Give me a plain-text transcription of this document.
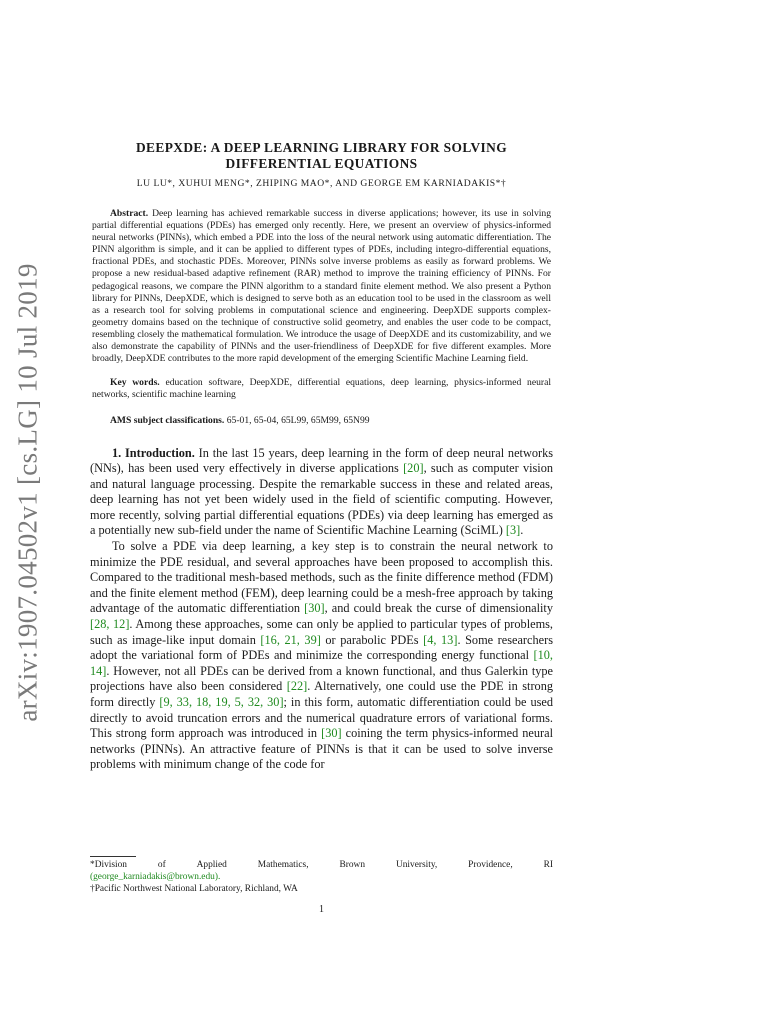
arXiv:1907.04502v1 [cs.LG] 10 Jul 2019
DEEPXDE: A DEEP LEARNING LIBRARY FOR SOLVING
DIFFERENTIAL EQUATIONS
LU LU*, XUHUI MENG*, ZHIPING MAO*, AND GEORGE EM KARNIADAKIS*†

Abstract. Deep learning has achieved remarkable success in diverse applications; however, its use in solving partial differential equations (PDEs) has emerged only recently. Here, we present an overview of physics-informed neural networks (PINNs), which embed a PDE into the loss of the neural network using automatic differentiation. The PINN algorithm is simple, and it can be applied to different types of PDEs, including integro-differential equations, fractional PDEs, and stochastic PDEs. Moreover, PINNs solve inverse problems as easily as forward problems. We propose a new residual-based adaptive refinement (RAR) method to improve the training efficiency of PINNs. For pedagogical reasons, we compare the PINN algorithm to a standard finite element method. We also present a Python library for PINNs, DeepXDE, which is designed to serve both as an education tool to be used in the classroom as well as a research tool for solving problems in computational science and engineering. DeepXDE supports complex-geometry domains based on the technique of constructive solid geometry, and enables the user code to be compact, resembling closely the mathematical formulation. We introduce the usage of DeepXDE and its customizability, and we also demonstrate the capability of PINNs and the user-friendliness of DeepXDE for five different examples. More broadly, DeepXDE contributes to the more rapid development of the emerging Scientific Machine Learning field.

Key words. education software, DeepXDE, differential equations, deep learning, physics-informed neural networks, scientific machine learning

AMS subject classifications. 65-01, 65-04, 65L99, 65M99, 65N99

1. Introduction. In the last 15 years, deep learning in the form of deep neural networks (NNs), has been used very effectively in diverse applications [20], such as computer vision and natural language processing. Despite the remarkable success in these and related areas, deep learning has not yet been widely used in the field of scientific computing. However, more recently, solving partial differential equations (PDEs) via deep learning has emerged as a potentially new sub-field under the name of Scientific Machine Learning (SciML) [3].

To solve a PDE via deep learning, a key step is to constrain the neural network to minimize the PDE residual, and several approaches have been proposed to accomplish this. Compared to the traditional mesh-based methods, such as the finite difference method (FDM) and the finite element method (FEM), deep learning could be a mesh-free approach by taking advantage of the automatic differentiation [30], and could break the curse of dimensionality [28, 12]. Among these approaches, some can only be applied to particular types of problems, such as image-like input domain [16, 21, 39] or parabolic PDEs [4, 13]. Some researchers adopt the variational form of PDEs and minimize the corresponding energy functional [10, 14]. However, not all PDEs can be derived from a known functional, and thus Galerkin type projections have also been considered [22]. Alternatively, one could use the PDE in strong form directly [9, 33, 18, 19, 5, 32, 30]; in this form, automatic differentiation could be used directly to avoid truncation errors and the numerical quadrature errors of variational forms. This strong form approach was introduced in [30] coining the term physics-informed neural networks (PINNs). An attractive feature of PINNs is that it can be used to solve inverse problems with minimum change of the code for

*Division	of	Applied	Mathematics,	Brown	University,	Providence,	RI
(george_karniadakis@brown.edu).
†Pacific Northwest National Laboratory, Richland, WA
1
